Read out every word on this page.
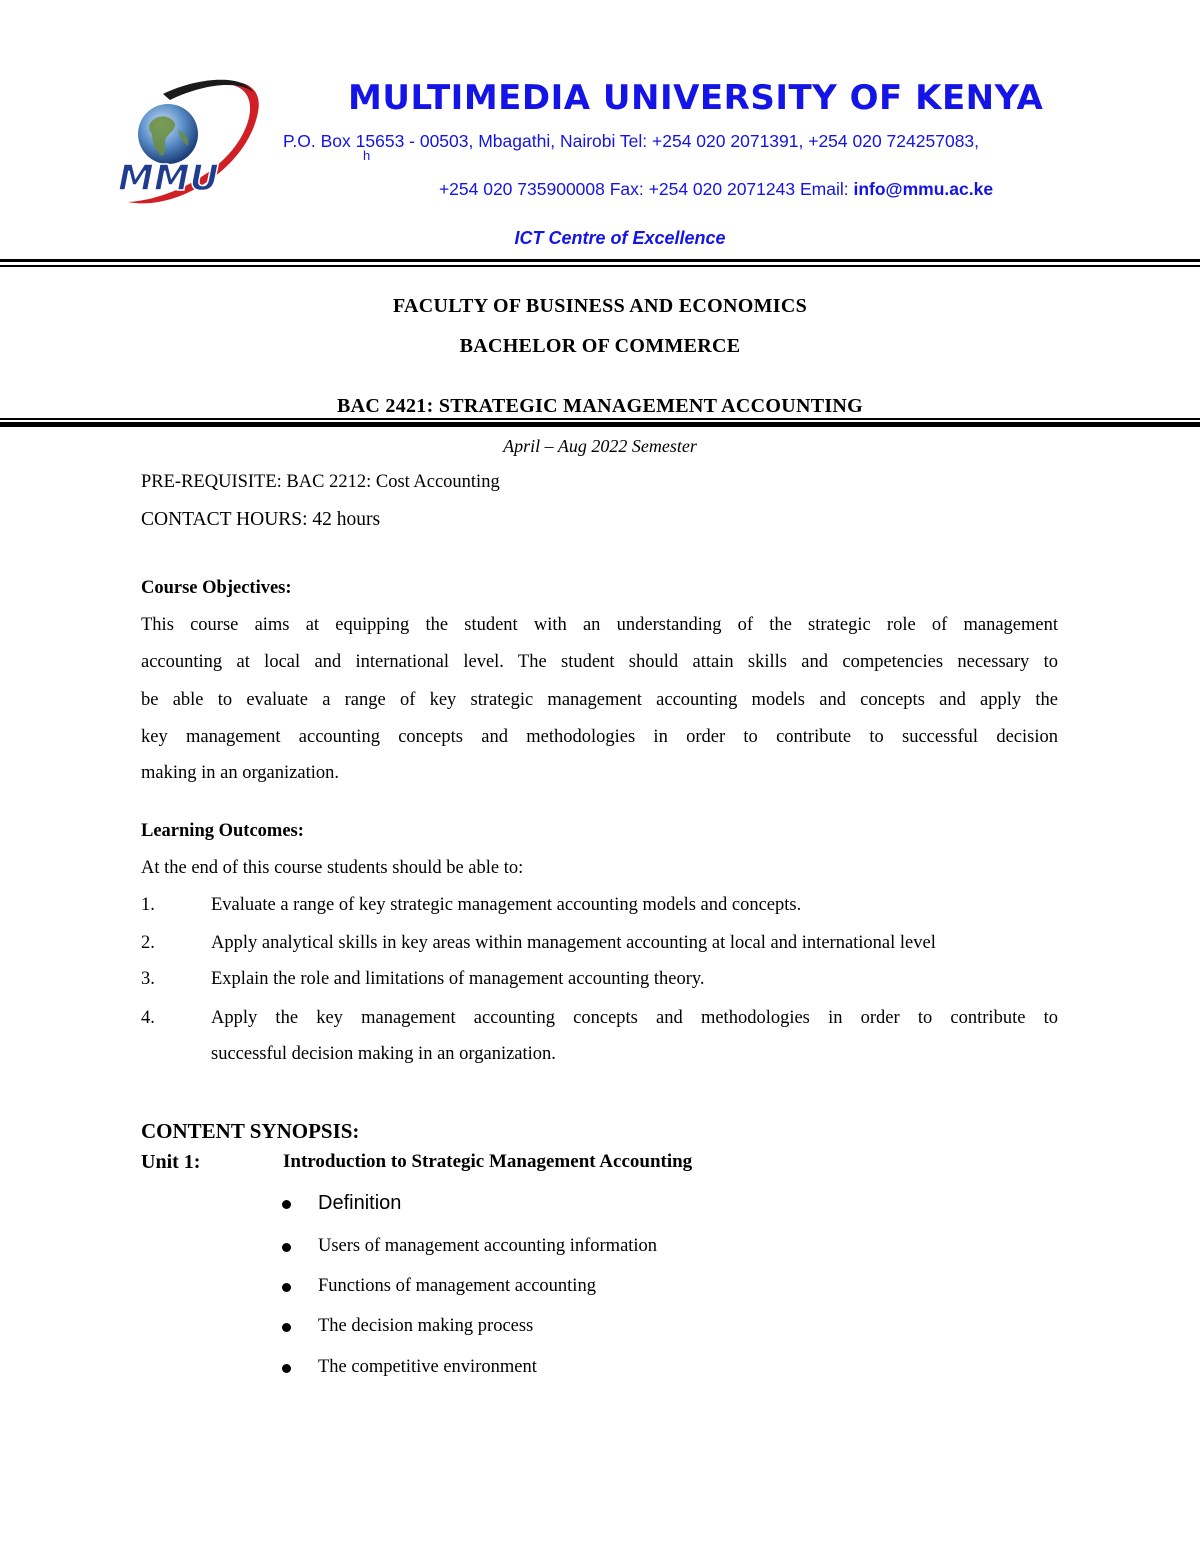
MMU
MULTIMEDIA UNIVERSITY OF KENYA
P.O. Box 15653 - 00503, Mbagathi, Nairobi Tel: +254 020 2071391, +254 020 724257083,
h
+254 020 735900008 Fax: +254 020 2071243 Email: info@mmu.ac.ke
ICT Centre of Excellence
FACULTY OF BUSINESS AND ECONOMICS
BACHELOR OF COMMERCE
BAC 2421: STRATEGIC MANAGEMENT ACCOUNTING
April – Aug 2022 Semester
PRE-REQUISITE: BAC 2212: Cost Accounting
CONTACT HOURS: 42 hours
Course Objectives:
This course aims at equipping the student with an understanding of the strategic role of management
accounting at local and international level. The student should attain skills and competencies necessary to
be able to evaluate a range of key strategic management accounting models and concepts and apply the
key management accounting concepts and methodologies in order to contribute to successful decision
making in an organization.
Learning Outcomes:
At the end of this course students should be able to:
1.	Evaluate a range of key strategic management accounting models and concepts.
2.	Apply analytical skills in key areas within management accounting at local and international level
3.	Explain the role and limitations of management accounting theory.
4.	Apply the key management accounting concepts and methodologies in order to contribute to
successful decision making in an organization.
CONTENT SYNOPSIS:
Unit 1:	Introduction to Strategic Management Accounting
Definition
Users of management accounting information
Functions of management accounting
The decision making process
The competitive environment
